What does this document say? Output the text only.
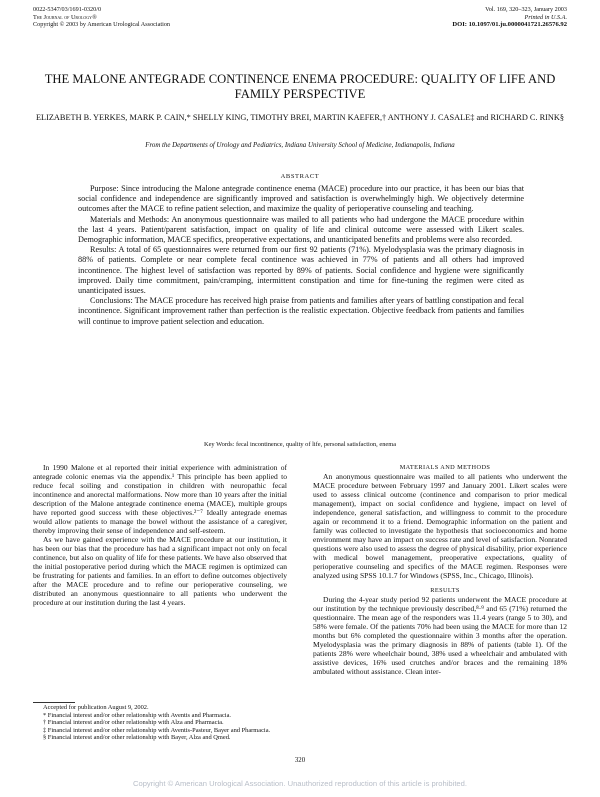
0022-5347/03/1691-0320/0
The Journal of Urology®
Copyright © 2003 by American Urological Association
Vol. 169, 320–323, January 2003
Printed in U.S.A.
DOI: 10.1097/01.ju.0000041721.26576.92
THE MALONE ANTEGRADE CONTINENCE ENEMA PROCEDURE: QUALITY OF LIFE AND FAMILY PERSPECTIVE

ELIZABETH B. YERKES, MARK P. CAIN,* SHELLY KING, TIMOTHY BREI, MARTIN KAEFER,† ANTHONY J. CASALE‡ and RICHARD C. RINK§

From the Departments of Urology and Pediatrics, Indiana University School of Medicine, Indianapolis, Indiana

ABSTRACT

Purpose: Since introducing the Malone antegrade continence enema (MACE) procedure into our practice, it has been our bias that social confidence and independence are significantly improved and satisfaction is overwhelmingly high. We objectively determine outcomes after the MACE to refine patient selection, and maximize the quality of perioperative counseling and teaching.

Materials and Methods: An anonymous questionnaire was mailed to all patients who had undergone the MACE procedure within the last 4 years. Patient/parent satisfaction, impact on quality of life and clinical outcome were assessed with Likert scales. Demographic information, MACE specifics, preoperative expectations, and unanticipated benefits and problems were also recorded.

Results: A total of 65 questionnaires were returned from our first 92 patients (71%). Myelodysplasia was the primary diagnosis in 88% of patients. Complete or near complete fecal continence was achieved in 77% of patients and all others had improved incontinence. The highest level of satisfaction was reported by 89% of patients. Social confidence and hygiene were significantly improved. Daily time commitment, pain/cramping, intermittent constipation and time for fine-tuning the regimen were cited as unanticipated issues.

Conclusions: The MACE procedure has received high praise from patients and families after years of battling constipation and fecal incontinence. Significant improvement rather than perfection is the realistic expectation. Objective feedback from patients and families will continue to improve patient selection and education.

Key Words: fecal incontinence, quality of life, personal satisfaction, enema

In 1990 Malone et al reported their initial experience with administration of antegrade colonic enemas via the appendix.¹ This principle has been applied to reduce fecal soiling and constipation in children with neuropathic fecal incontinence and anorectal malformations. Now more than 10 years after the initial description of the Malone antegrade continence enema (MACE), multiple groups have reported good success with these objectives.²⁻⁷ Ideally antegrade enemas would allow patients to manage the bowel without the assistance of a caregiver, thereby improving their sense of independence and self-esteem.

As we have gained experience with the MACE procedure at our institution, it has been our bias that the procedure has had a significant impact not only on fecal continence, but also on quality of life for these patients. We have also observed that the initial postoperative period during which the MACE regimen is optimized can be frustrating for patients and families. In an effort to define outcomes objectively after the MACE procedure and to refine our perioperative counseling, we distributed an anonymous questionnaire to all patients who underwent the procedure at our institution during the last 4 years.

MATERIALS AND METHODS

An anonymous questionnaire was mailed to all patients who underwent the MACE procedure between February 1997 and January 2001. Likert scales were used to assess clinical outcome (continence and comparison to prior medical management), impact on social confidence and hygiene, impact on level of independence, general satisfaction, and willingness to commit to the procedure again or recommend it to a friend. Demographic information on the patient and family was collected to investigate the hypothesis that socioeconomics and home environment may have an impact on success rate and level of satisfaction. Nonrated questions were also used to assess the degree of physical disability, prior experience with medical bowel management, preoperative expectations, quality of perioperative counseling and specifics of the MACE regimen. Responses were analyzed using SPSS 10.1.7 for Windows (SPSS, Inc., Chicago, Illinois).

RESULTS

During the 4-year study period 92 patients underwent the MACE procedure at our institution by the technique previously described,⁸·⁹ and 65 (71%) returned the questionnaire. The mean age of the responders was 11.4 years (range 5 to 30), and 58% were female. Of the patients 70% had been using the MACE for more than 12 months but 6% completed the questionnaire within 3 months after the operation. Myelodysplasia was the primary diagnosis in 88% of patients (table 1). Of the patients 28% were wheelchair bound, 38% used a wheelchair and ambulated with assistive devices, 16% used crutches and/or braces and the remaining 18% ambulated without assistance. Clean inter-

Accepted for publication August 9, 2002.

* Financial interest and/or other relationship with Aventis and Pharmacia.

† Financial interest and/or other relationship with Alza and Pharmacia.

‡ Financial interest and/or other relationship with Aventis-Pasteur, Bayer and Pharmacia.

§ Financial interest and/or other relationship with Bayer, Alza and Qmed.

320
Copyright © American Urological Association. Unauthorized reproduction of this article is prohibited.
